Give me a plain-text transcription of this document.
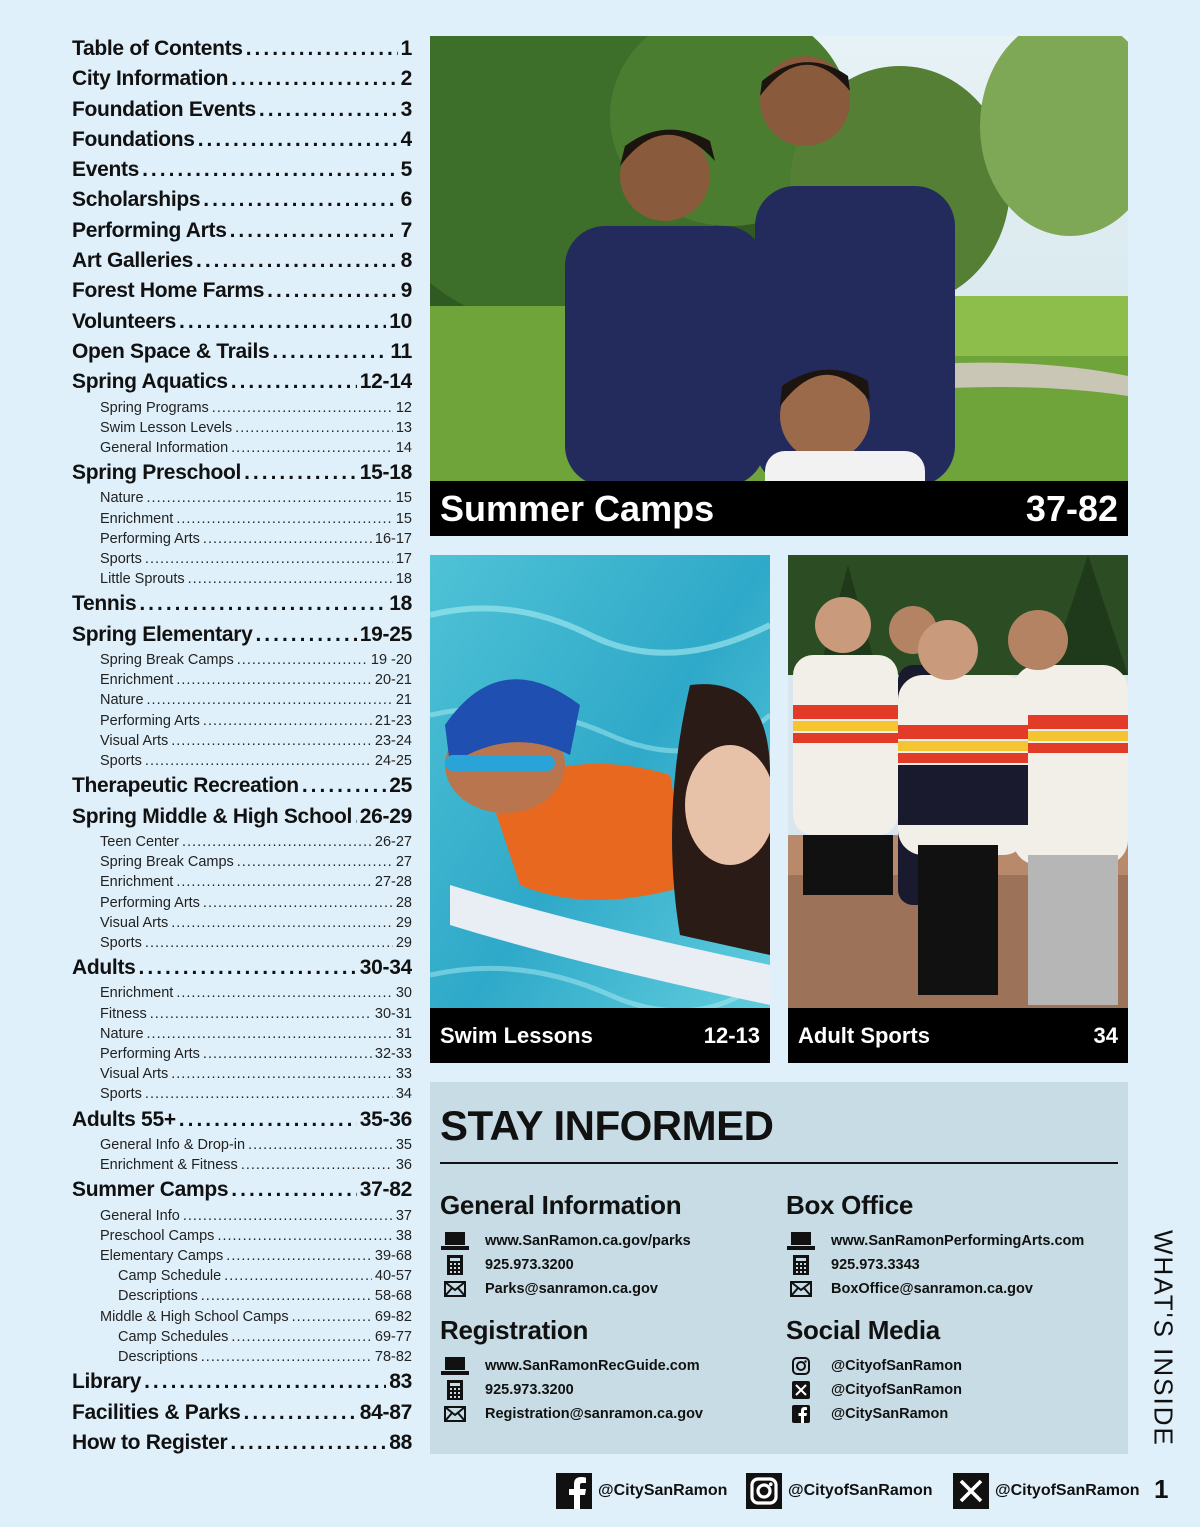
Table of Contents .....	1
City Information .....	2
Foundation Events .....	3
Foundations .....	4
Events .....	5
Scholarships .....	6
Performing Arts .....	7
Art Galleries .....	8
Forest Home Farms .....	9
Volunteers .....	10
Open Space & Trails .....	11
Spring Aquatics .....	12-14
Spring Programs .....	12
Swim Lesson Levels .....	13
General Information .....	14
Spring Preschool .....	15-18
Nature .....	15
Enrichment .....	15
Performing Arts .....	16-17
Sports .....	17
Little Sprouts .....	18
Tennis .....	18
Spring Elementary .....	19-25
Spring Break Camps .....	19 -20
Enrichment .....	20-21
Nature .....	21
Performing Arts .....	21-23
Visual Arts .....	23-24
Sports .....	24-25
Therapeutic Recreation .....	25
Spring Middle & High School ..... 26-29
Teen Center .....	26-27
Spring Break Camps .....	27
Enrichment .....	27-28
Performing Arts .....	28
Visual Arts .....	29
Sports .....	29
Adults .....	30-34
Enrichment .....	30
Fitness .....	30-31
Nature .....	31
Performing Arts .....	32-33
Visual Arts .....	33
Sports .....	34
Adults 55+ .....	35-36
General Info & Drop-in .....	35
Enrichment & Fitness .....	36
Summer Camps .....	37-82
General Info .....	37
Preschool Camps .....	38
Elementary Camps .....	39-68
Camp Schedule .....	40-57
Descriptions .....	58-68
Middle & High School Camps .....	69-82
Camp Schedules .....	69-77
Descriptions .....	78-82
Library .....	83
Facilities & Parks .....	84-87
How to Register .....	88
Summer Camps	37-82
Swim Lessons	12-13 Adult Sports	34
STAY INFORMED
General Information
www.SanRamon.ca.gov/parks
925.973.3200
Parks@sanramon.ca.gov
Box Office
www.SanRamonPerformingArts.com
925.973.3343
BoxOffice@sanramon.ca.gov
Registration
www.SanRamonRecGuide.com
925.973.3200
Registration@sanramon.ca.gov
Social Media
@CityofSanRamon
@CityofSanRamon
@CitySanRamon	WHAT'S INSIDE
@CitySanRamon	@CityofSanRamon	@CityofSanRamon 1
